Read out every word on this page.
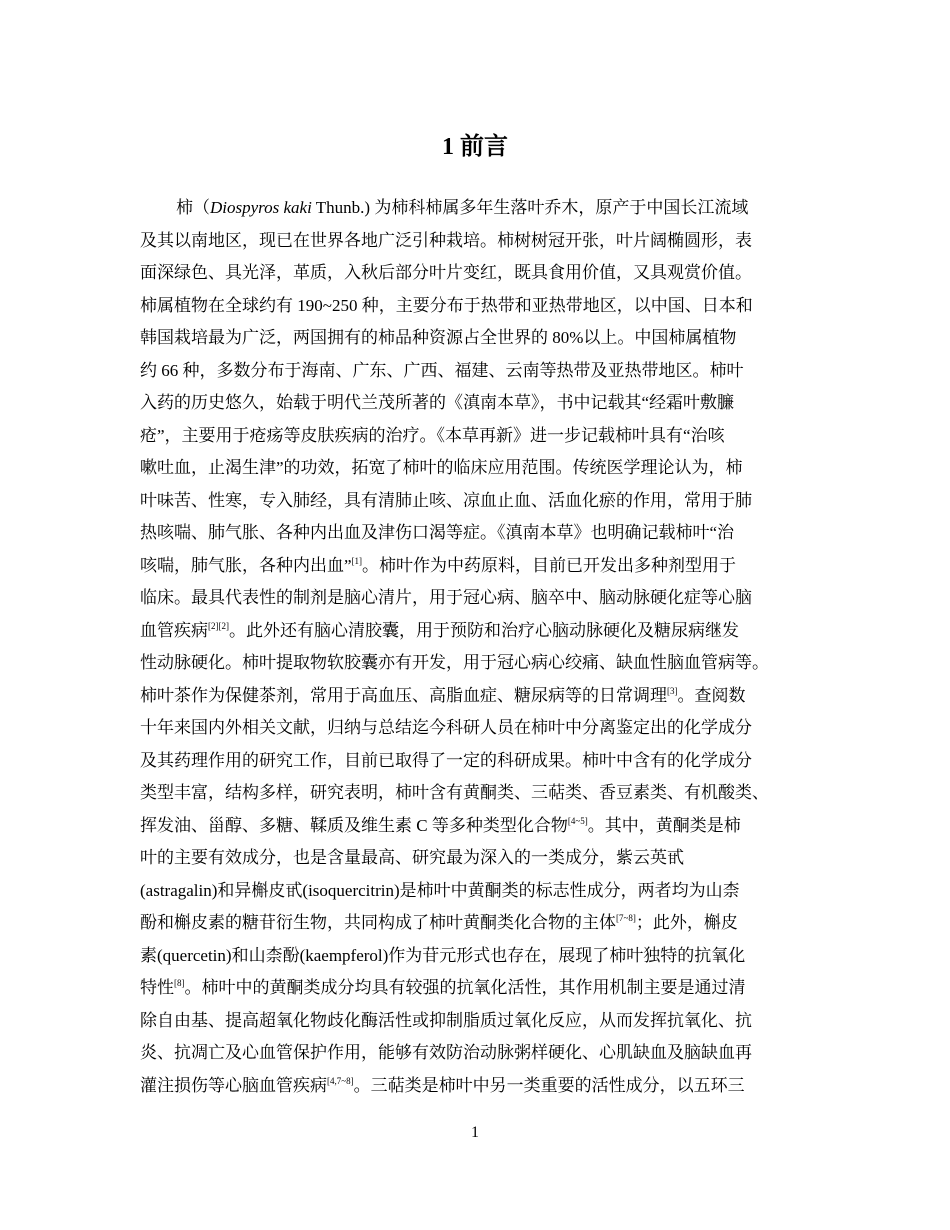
1 前言
柿（Diospyros kaki Thunb.) 为柿科柿属多年生落叶乔木，原产于中国长江流域
及其以南地区，现已在世界各地广泛引种栽培。柿树树冠开张，叶片阔椭圆形，表
面深绿色、具光泽，革质，入秋后部分叶片变红，既具食用价值，又具观赏价值。
柿属植物在全球约有 190~250 种，主要分布于热带和亚热带地区，以中国、日本和
韩国栽培最为广泛，两国拥有的柿品种资源占全世界的 80%以上。中国柿属植物
约 66 种，多数分布于海南、广东、广西、福建、云南等热带及亚热带地区。柿叶
入药的历史悠久，始载于明代兰茂所著的《滇南本草》，书中记载其“经霜叶敷臁
疮”，主要用于疮疡等皮肤疾病的治疗。《本草再新》进一步记载柿叶具有“治咳
嗽吐血，止渴生津”的功效，拓宽了柿叶的临床应用范围。传统医学理论认为，柿
叶味苦、性寒，专入肺经，具有清肺止咳、凉血止血、活血化瘀的作用，常用于肺
热咳喘、肺气胀、各种内出血及津伤口渴等症。《滇南本草》也明确记载柿叶“治
咳喘，肺气胀，各种内出血”[1]。柿叶作为中药原料，目前已开发出多种剂型用于
临床。最具代表性的制剂是脑心清片，用于冠心病、脑卒中、脑动脉硬化症等心脑
血管疾病[2][2]。此外还有脑心清胶囊，用于预防和治疗心脑动脉硬化及糖尿病继发
性动脉硬化。柿叶提取物软胶囊亦有开发，用于冠心病心绞痛、缺血性脑血管病等。
柿叶茶作为保健茶剂，常用于高血压、高脂血症、糖尿病等的日常调理[3]。查阅数
十年来国内外相关文献，归纳与总结迄今科研人员在柿叶中分离鉴定出的化学成分
及其药理作用的研究工作，目前已取得了一定的科研成果。柿叶中含有的化学成分
类型丰富，结构多样，研究表明，柿叶含有黄酮类、三萜类、香豆素类、有机酸类、
挥发油、甾醇、多糖、鞣质及维生素 C 等多种类型化合物[4~5]。其中，黄酮类是柿
叶的主要有效成分，也是含量最高、研究最为深入的一类成分，紫云英甙
(astragalin)和异槲皮甙(isoquercitrin)是柿叶中黄酮类的标志性成分，两者均为山柰
酚和槲皮素的糖苷衍生物，共同构成了柿叶黄酮类化合物的主体[7~8]；此外，槲皮
素(quercetin)和山柰酚(kaempferol)作为苷元形式也存在，展现了柿叶独特的抗氧化
特性[8]。柿叶中的黄酮类成分均具有较强的抗氧化活性，其作用机制主要是通过清
除自由基、提高超氧化物歧化酶活性或抑制脂质过氧化反应，从而发挥抗氧化、抗
炎、抗凋亡及心血管保护作用，能够有效防治动脉粥样硬化、心肌缺血及脑缺血再
灌注损伤等心脑血管疾病[4,7~8]。三萜类是柿叶中另一类重要的活性成分，以五环三
1
